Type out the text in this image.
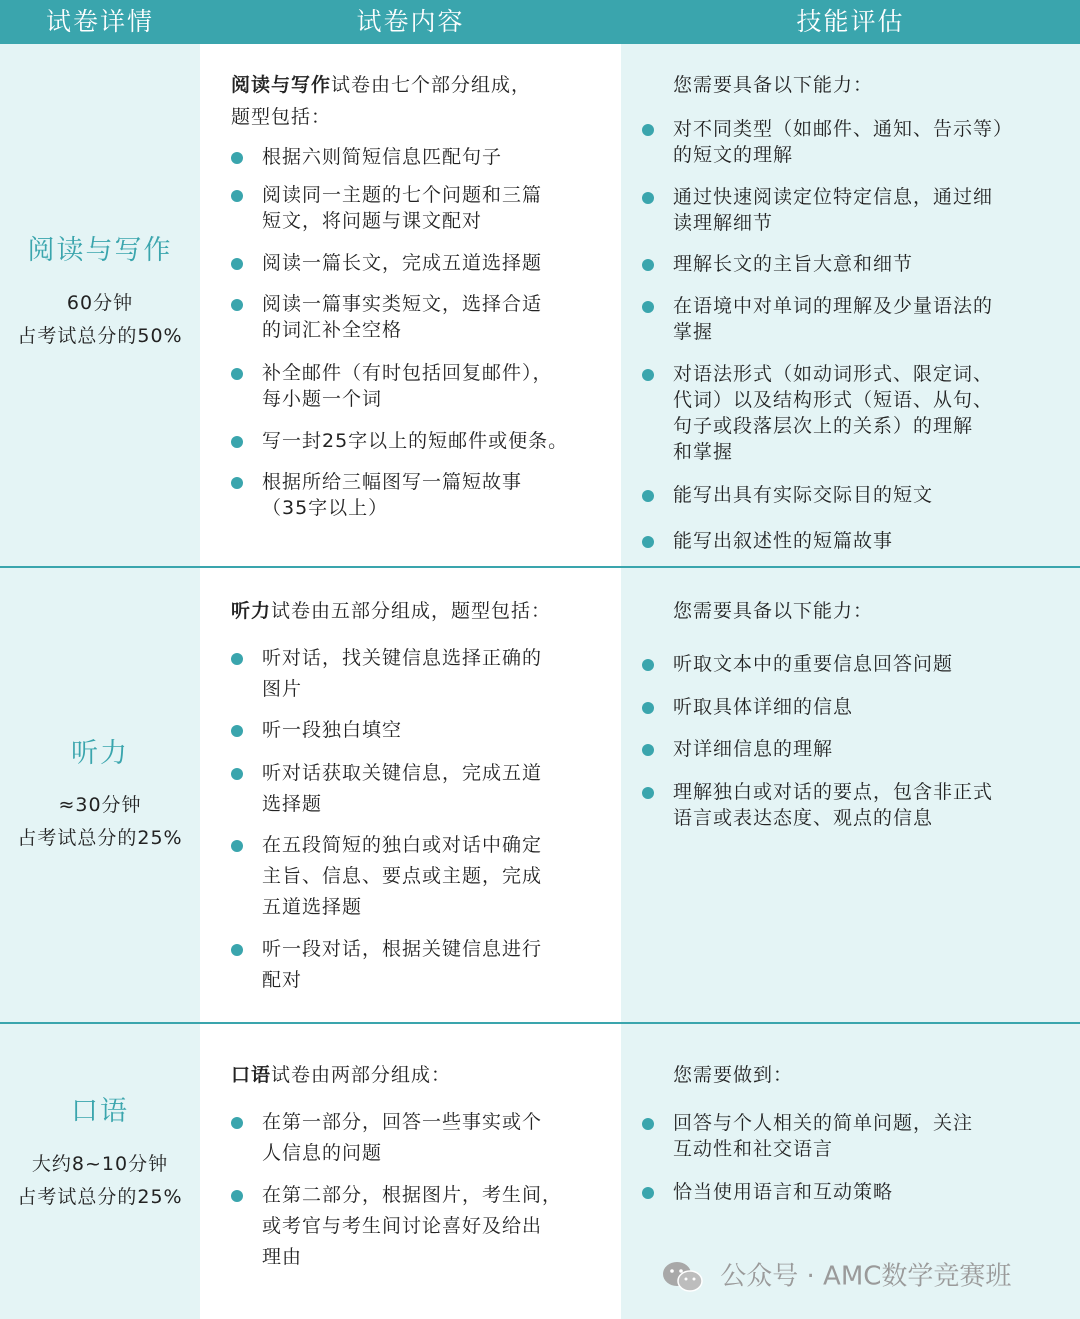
试卷详情	试卷内容	技能评估
阅读与写作
60分钟
占考试总分的50%
阅读与写作试卷由七个部分组成，
题型包括：
根据六则简短信息匹配句子
阅读同一主题的七个问题和三篇
短文，将问题与课文配对
阅读一篇长文，完成五道选择题
阅读一篇事实类短文，选择合适
的词汇补全空格
补全邮件（有时包括回复邮件），
每小题一个词
写一封25字以上的短邮件或便条。
根据所给三幅图写一篇短故事
（35字以上）
您需要具备以下能力：
对不同类型（如邮件、通知、告示等）
的短文的理解
通过快速阅读定位特定信息，通过细
读理解细节
理解长文的主旨大意和细节
在语境中对单词的理解及少量语法的
掌握
对语法形式（如动词形式、限定词、
代词）以及结构形式（短语、从句、
句子或段落层次上的关系）的理解
和掌握
能写出具有实际交际目的短文
能写出叙述性的短篇故事
听力
≈30分钟
占考试总分的25%
听力试卷由五部分组成，题型包括：
听对话，找关键信息选择正确的
图片
听一段独白填空
听对话获取关键信息，完成五道
选择题
在五段简短的独白或对话中确定
主旨、信息、要点或主题，完成
五道选择题
听一段对话，根据关键信息进行
配对
您需要具备以下能力：
听取文本中的重要信息回答问题
听取具体详细的信息
对详细信息的理解
理解独白或对话的要点，包含非正式
语言或表达态度、观点的信息
口语
大约8~10分钟
占考试总分的25%
口语试卷由两部分组成：
在第一部分，回答一些事实或个
人信息的问题
在第二部分，根据图片，考生间，
或考官与考生间讨论喜好及给出
理由
您需要做到：
回答与个人相关的简单问题，关注
互动性和社交语言
恰当使用语言和互动策略
公众号 · AMC数学竞赛班
